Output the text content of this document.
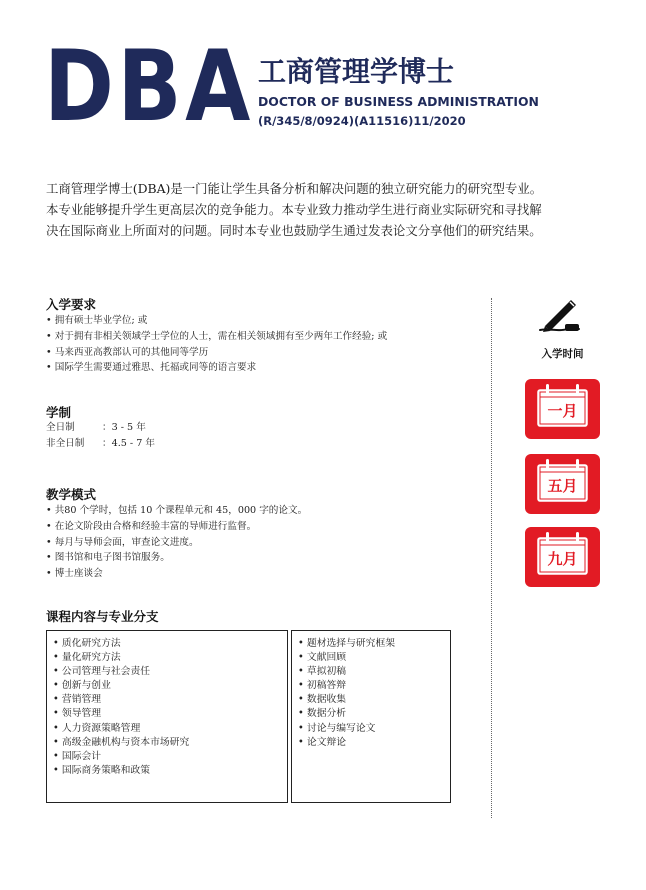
DBA 工商管理学博士
DOCTOR OF BUSINESS ADMINISTRATION
(R/345/8/0924)(A11516)11/2020

工商管理学博士(DBA)是一门能让学生具备分析和解决问题的独立研究能力的研究型专业。

本专业能够提升学生更高层次的竞争能力。本专业致力推动学生进行商业实际研究和寻找解

决在国际商业上所面对的问题。同时本专业也鼓励学生通过发表论文分享他们的研究结果。

入学要求
• 拥有硕士毕业学位; 或
• 对于拥有非相关领域学士学位的人士，需在相关领域拥有至少两年工作经验; 或
• 马来西亚高教部认可的其他同等学历
• 国际学生需要通过雅思、托福或同等的语言要求
学制
全日制	：3 - 5 年
非全日制 ：4.5 - 7 年
教学模式
• 共80 个学时，包括 10 个课程单元和 45，000 字的论文。
• 在论文阶段由合格和经验丰富的导师进行监督。
• 每月与导师会面，审查论文进度。
• 图书馆和电子图书馆服务。
• 博士座谈会
课程内容与专业分支
• 质化研究方法
• 量化研究方法
• 公司管理与社会责任
• 创新与创业
• 营销管理
• 领导管理
• 人力资源策略管理
• 高级金融机构与资本市场研究
• 国际会计
• 国际商务策略和政策
• 题材选择与研究框架
• 文献回顾
• 草拟初稿
• 初稿答辩
• 数据收集
• 数据分析
• 讨论与编写论文
• 论文辩论
入学时间
一月
五月
九月
